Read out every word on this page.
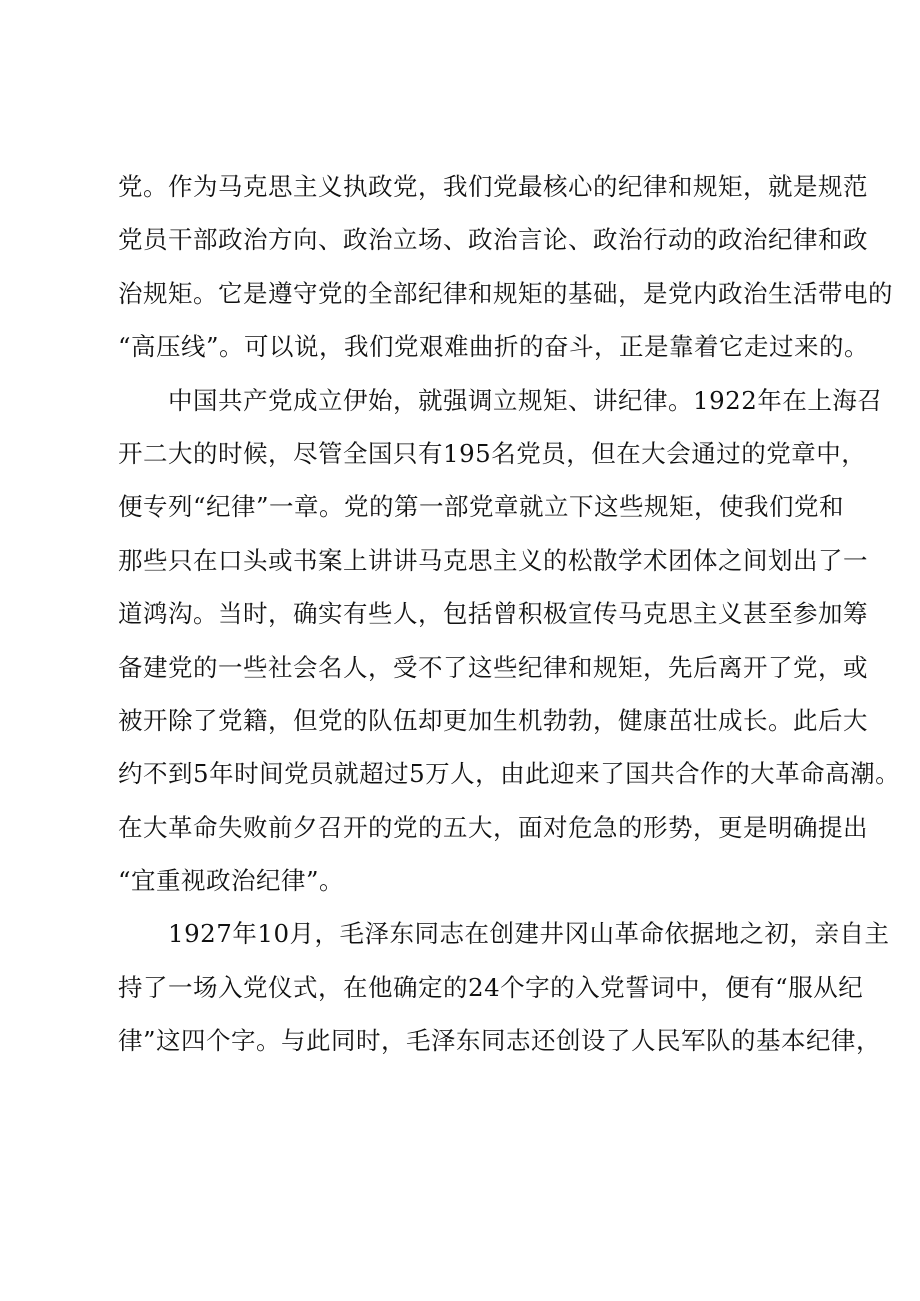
党。作为马克思主义执政党，我们党最核心的纪律和规矩，就是规范
党员干部政治方向、政治立场、政治言论、政治行动的政治纪律和政
治规矩。它是遵守党的全部纪律和规矩的基础，是党内政治生活带电的
“高压线”。可以说，我们党艰难曲折的奋斗，正是靠着它走过来的。
中国共产党成立伊始，就强调立规矩、讲纪律。1922年在上海召
开二大的时候，尽管全国只有195名党员，但在大会通过的党章中，
便专列“纪律”一章。党的第一部党章就立下这些规矩，使我们党和
那些只在口头或书案上讲讲马克思主义的松散学术团体之间划出了一
道鸿沟。当时，确实有些人，包括曾积极宣传马克思主义甚至参加筹
备建党的一些社会名人，受不了这些纪律和规矩，先后离开了党，或
被开除了党籍，但党的队伍却更加生机勃勃，健康茁壮成长。此后大
约不到5年时间党员就超过5万人，由此迎来了国共合作的大革命高潮。
在大革命失败前夕召开的党的五大，面对危急的形势，更是明确提出
“宜重视政治纪律”。
1927年10月，毛泽东同志在创建井冈山革命依据地之初，亲自主
持了一场入党仪式，在他确定的24个字的入党誓词中，便有“服从纪
律”这四个字。与此同时，毛泽东同志还创设了人民军队的基本纪律，
